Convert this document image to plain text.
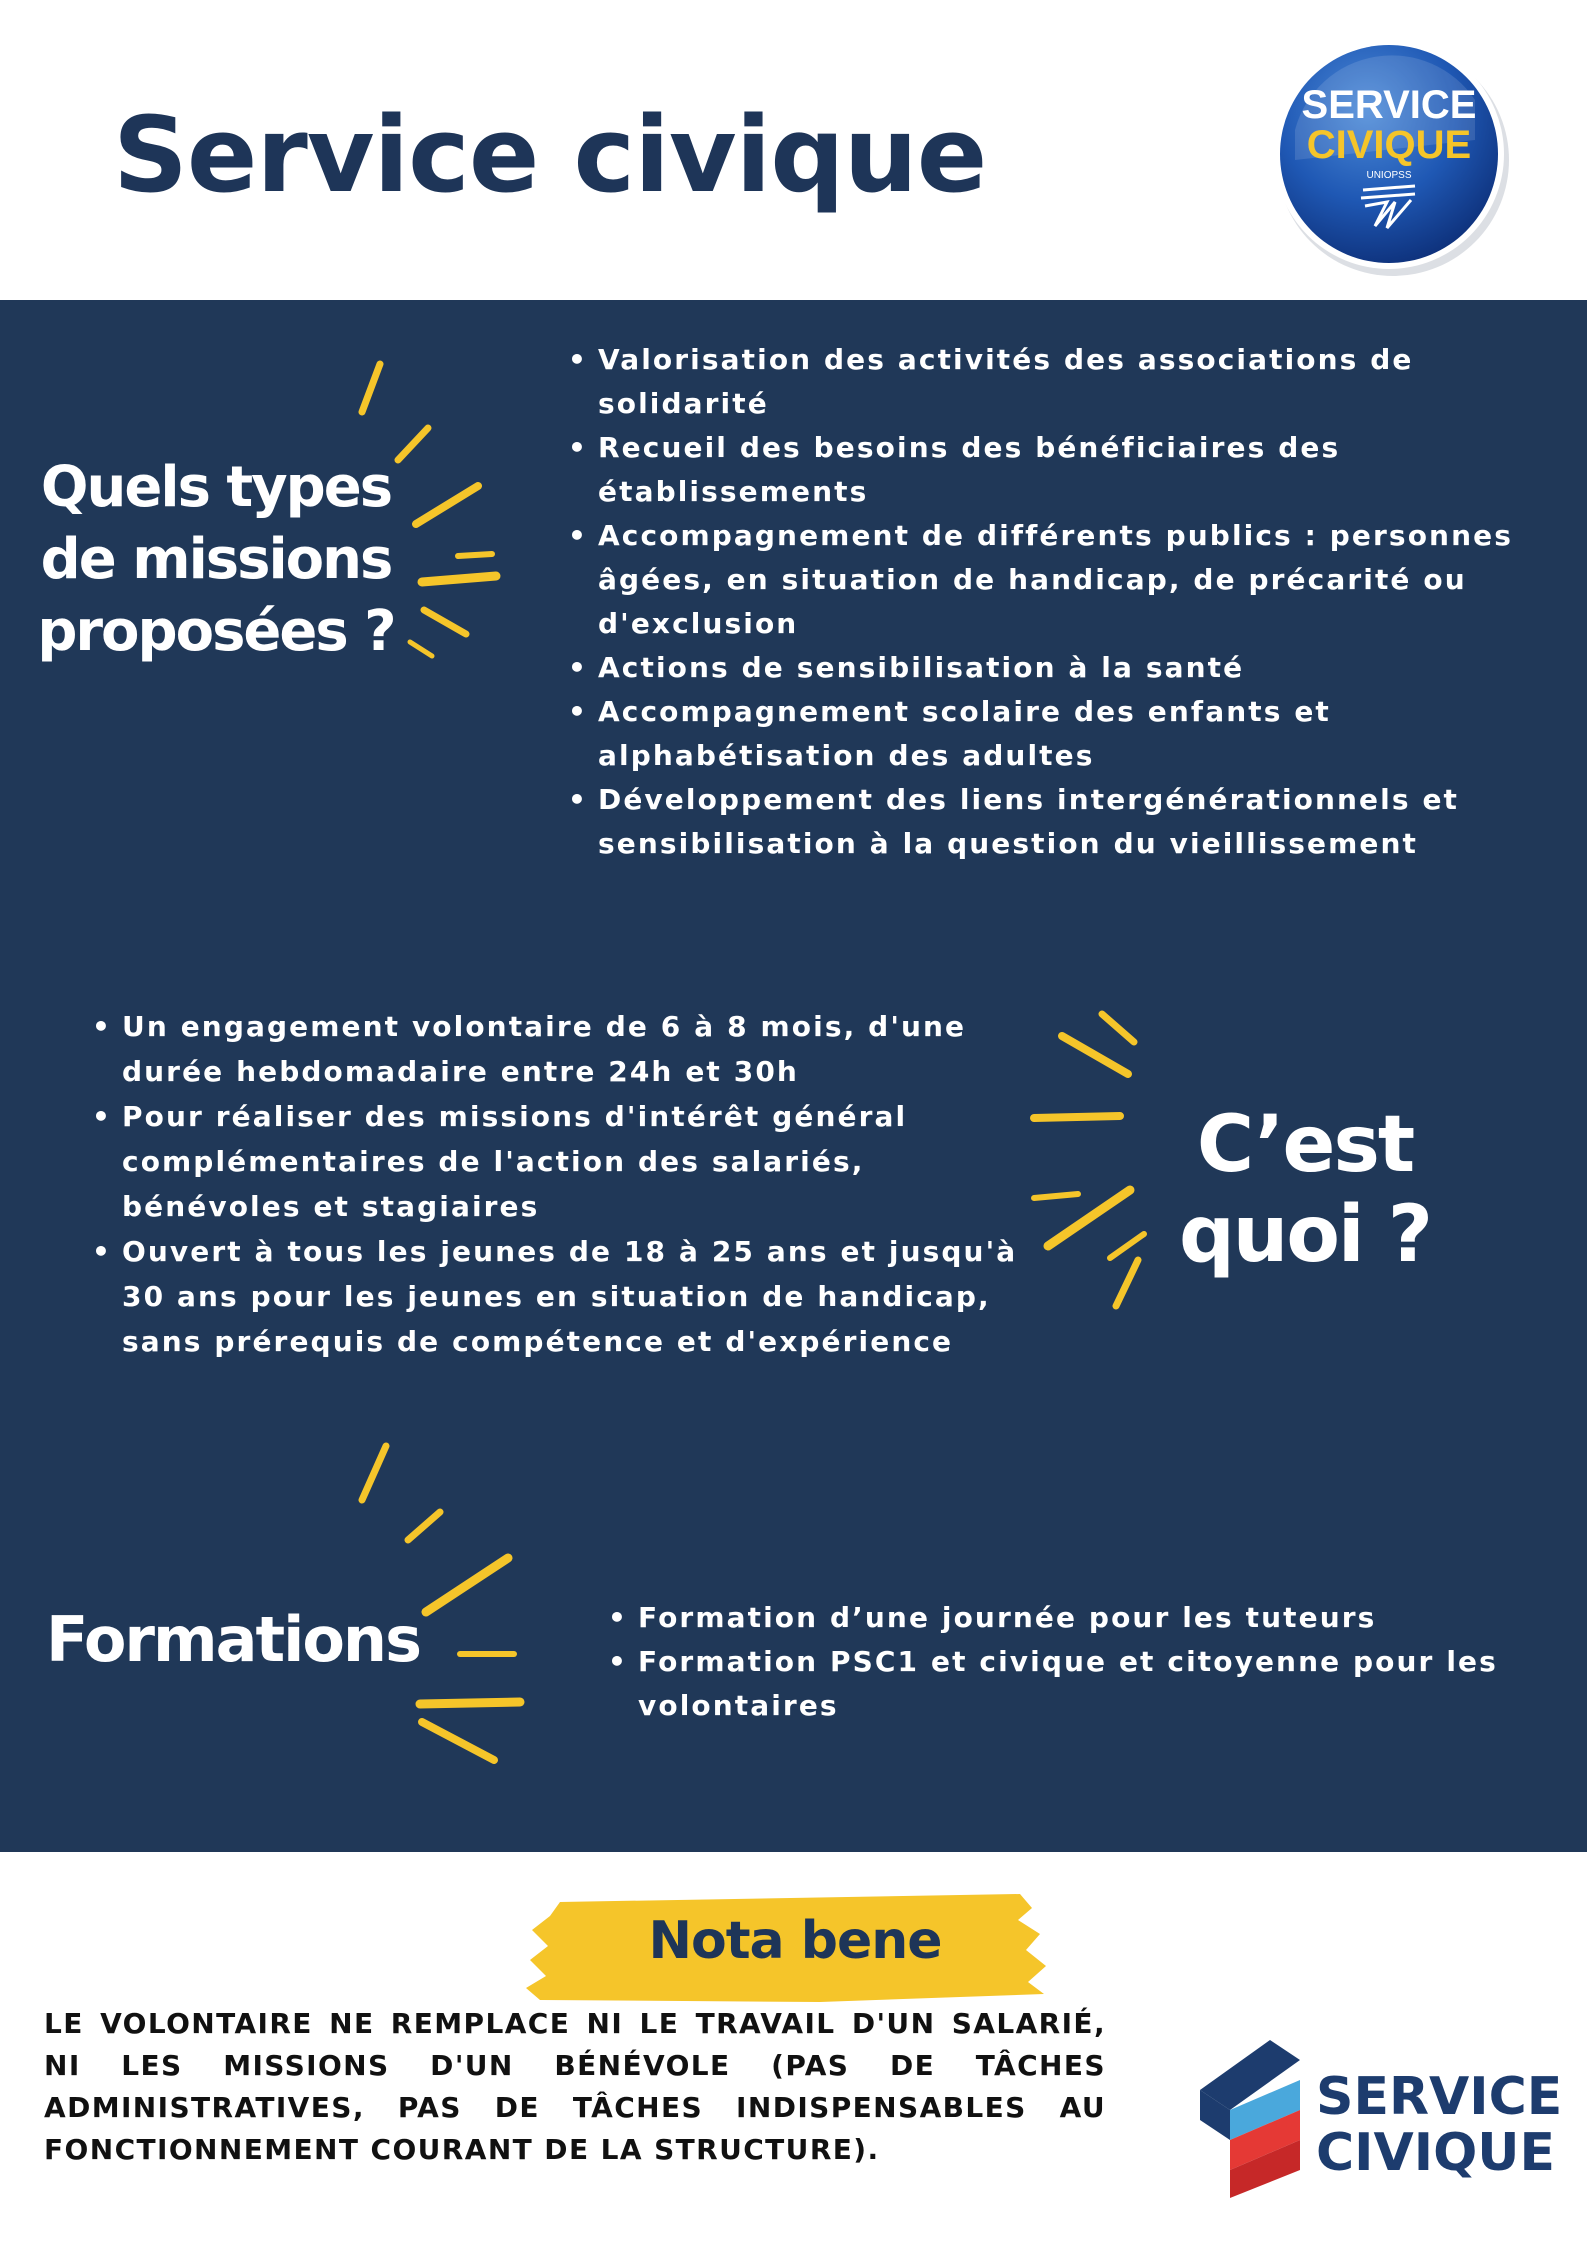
Service civique	SERVICE
CIVIQUE
UNIOPSS
Quels types de missions proposées ?
• Valorisation des activités des associations de solidarité
• Recueil des besoins des bénéficiaires des établissements
• Accompagnement de différents publics : personnes âgées, en situation de handicap, de précarité ou d'exclusion
• Actions de sensibilisation à la santé
• Accompagnement scolaire des enfants et alphabétisation des adultes
• Développement des liens intergénérationnels et sensibilisation à la question du vieillissement
• Un engagement volontaire de 6 à 8 mois, d'une durée hebdomadaire entre 24h et 30h
• Pour réaliser des missions d'intérêt général complémentaires de l'action des salariés, bénévoles et stagiaires
• Ouvert à tous les jeunes de 18 à 25 ans et jusqu'à 30 ans pour les jeunes en situation de handicap, sans prérequis de compétence et d'expérience
C’est quoi ?
Formations
•	Formation d’une journée pour les tuteurs
• Formation PSC1 et civique et citoyenne pour les volontaires
Nota bene

LE VOLONTAIRE NE REMPLACE NI LE TRAVAIL D'UN SALARIÉ, NI LES MISSIONS D'UN BÉNÉVOLE (PAS DE TÂCHES ADMINISTRATIVES, PAS DE TÂCHES INDISPENSABLES AU FONCTIONNEMENT COURANT DE LA STRUCTURE).

SERVICE
CIVIQUE
